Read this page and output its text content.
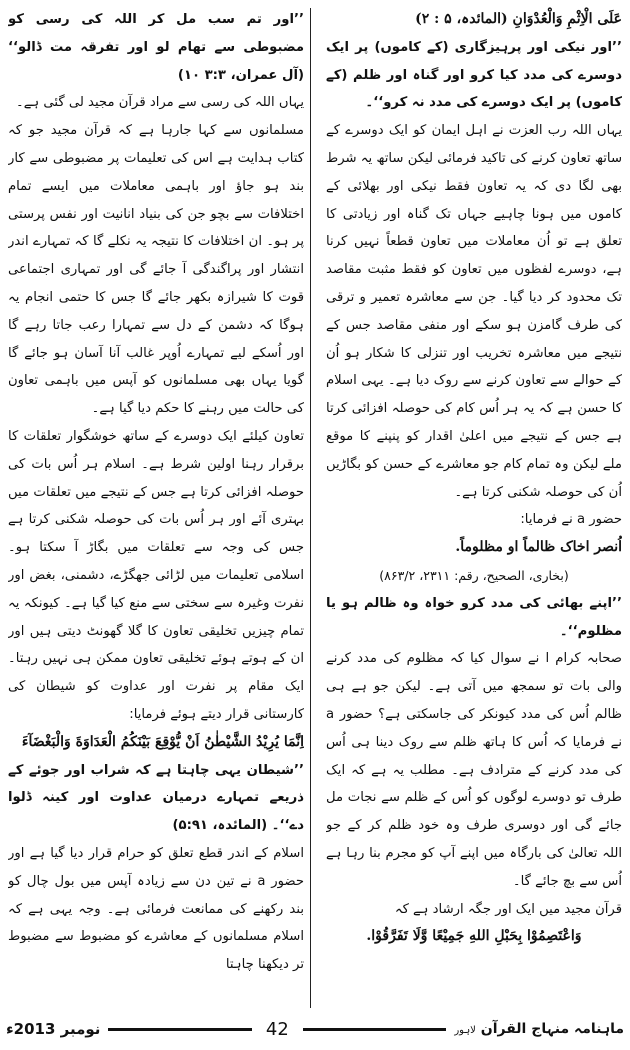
’’اور تم سب مل کر اللہ کی رسی کو مضبوطی سے تھام لو اور تفرقہ مت ڈالو‘‘ (آل عمران، ۳:۳ ۱۰)

یہاں اللہ کی رسی سے مراد قرآن مجید لی گئی ہے۔

مسلمانوں سے کہا جارہا ہے کہ قرآن مجید جو کہ کتاب ہدایت ہے اس کی تعلیمات پر مضبوطی سے کار بند ہو جاؤ اور باہمی معاملات میں ایسے تمام اختلافات سے بچو جن کی بنیاد انانیت اور نفس پرستی پر ہو۔ ان اختلافات کا نتیجہ یہ نکلے گا کہ تمہارے اندر انتشار اور پراگندگی آ جائے گی اور تمہاری اجتماعی قوت کا شیرازہ بکھر جائے گا جس کا حتمی انجام یہ ہوگا کہ دشمن کے دل سے تمہارا رعب جاتا رہے گا اور اُسکے لیے تمہارے اُوپر غالب آنا آسان ہو جائے گا گویا یہاں بھی مسلمانوں کو آپس میں باہمی تعاون کی حالت میں رہنے کا حکم دیا گیا ہے۔

تعاون کیلئے ایک دوسرے کے ساتھ خوشگوار تعلقات کا برقرار رہنا اولین شرط ہے۔ اسلام ہر اُس بات کی حوصلہ افزائی کرتا ہے جس کے نتیجے میں تعلقات میں بہتری آئے اور ہر اُس بات کی حوصلہ شکنی کرتا ہے جس کی وجہ سے تعلقات میں بگاڑ آ سکتا ہو۔ اسلامی تعلیمات میں لڑائی جھگڑے، دشمنی، بغض اور نفرت وغیرہ سے سختی سے منع کیا گیا ہے۔ کیونکہ یہ تمام چیزیں تخلیقی تعاون کا گلا گھونٹ دیتی ہیں اور ان کے ہوتے ہوئے تخلیقی تعاون ممکن ہی نہیں رہتا۔ ایک مقام پر نفرت اور عداوت کو شیطان کی کارستانی قرار دیتے ہوئے فرمایا:

اِنَّمَا يُرِيْدُ الشَّيْطٰنُ اَنْ يُّوْقِعَ بَيْنَكُمُ الْعَدَاوَةَ وَالْبَغْضَآءَ

’’شیطان یہی چاہتا ہے کہ شراب اور جوئے کے ذریعے تمہارے درمیان عداوت اور کینہ ڈلوا دے‘‘۔ (المائدہ، ۵:۹۱)

اسلام کے اندر قطع تعلق کو حرام قرار دیا گیا ہے اور حضور a نے تین دن سے زیادہ آپس میں بول چال کو بند رکھنے کی ممانعت فرمائی ہے۔ وجہ یہی ہے کہ اسلام مسلمانوں کے معاشرے کو مضبوط سے مضبوط تر دیکھنا چاہتا

عَلَی الْاِثْمِ وَالْعُدْوَانِ (المائدہ، ۵ : ۲)

’’اور نیکی اور پرہیزگاری (کے کاموں) پر ایک دوسرے کی مدد کیا کرو اور گناہ اور ظلم (کے کاموں) پر ایک دوسرے کی مدد نہ کرو‘‘۔

یہاں اللہ رب العزت نے اہل ایمان کو ایک دوسرے کے ساتھ تعاون کرنے کی تاکید فرمائی لیکن ساتھ یہ شرط بھی لگا دی کہ یہ تعاون فقط نیکی اور بھلائی کے کاموں میں ہونا چاہیے جہاں تک گناہ اور زیادتی کا تعلق ہے تو اُن معاملات میں تعاون قطعاً نہیں کرنا ہے، دوسرے لفظوں میں تعاون کو فقط مثبت مقاصد تک محدود کر دیا گیا۔ جن سے معاشرہ تعمیر و ترقی کی طرف گامزن ہو سکے اور منفی مقاصد جس کے نتیجے میں معاشرہ تخریب اور تنزلی کا شکار ہو اُن کے حوالے سے تعاون کرنے سے روک دیا ہے۔ یہی اسلام کا حسن ہے کہ یہ ہر اُس کام کی حوصلہ افزائی کرتا ہے جس کے نتیجے میں اعلیٰ اقدار کو پنپنے کا موقع ملے لیکن وہ تمام کام جو معاشرے کے حسن کو بگاڑیں اُن کی حوصلہ شکنی کرتا ہے۔

حضور a نے فرمایا:

اُنصر اخاک ظالماً او مظلوماً.

(بخاری، الصحیح، رقم: ۲۳۱۱، ۸۶۳/۲)

’’اپنے بھائی کی مدد کرو خواہ وہ ظالم ہو یا مظلوم‘‘۔

صحابہ کرام l نے سوال کیا کہ مظلوم کی مدد کرنے والی بات تو سمجھ میں آتی ہے۔ لیکن جو ہے ہی ظالم اُس کی مدد کیونکر کی جاسکتی ہے؟ حضور a نے فرمایا کہ اُس کا ہاتھ ظلم سے روک دینا ہی اُس کی مدد کرنے کے مترادف ہے۔ مطلب یہ ہے کہ ایک طرف تو دوسرے لوگوں کو اُس کے ظلم سے نجات مل جائے گی اور دوسری طرف وہ خود ظلم کر کے جو اللہ تعالیٰ کی بارگاہ میں اپنے آپ کو مجرم بنا رہا ہے اُس سے بچ جائے گا۔

قرآن مجید میں ایک اور جگہ ارشاد ہے کہ

وَاعْتَصِمُوْا بِحَبْلِ اللهِ جَمِيْعًا وَّلَا تَفَرَّقُوْا.

نومبر 2013ء	42	ماہنامہ منہاج القرآن لاہور
